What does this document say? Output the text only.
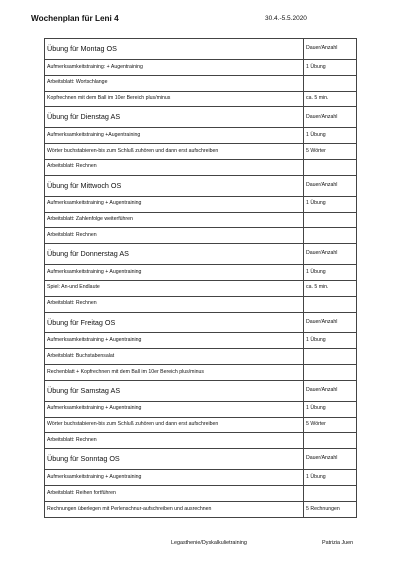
Wochenplan für Leni 4	30.4.-5.5.2020
Übung für Montag OS	Dauer/Anzahl
Aufmerksamkeitstraining: + Augentraining	1 Übung
Arbeitsblatt: Wortschlange	
Kopfrechnen mit dem Ball im 10er Bereich plus/minus	ca. 5 min.
Übung für Dienstag AS	Dauer/Anzahl
Aufmerksamkeitstraining +Augentraining	1 Übung
Wörter buchstabieren-bis zum Schluß zuhören und dann erst aufschreiben	5 Wörter
Arbeitsblatt: Rechnen	
Übung für Mittwoch OS	Dauer/Anzahl
Aufmerksamkeitstraining + Augentraining	1 Übung
Arbeitsblatt: Zahlenfolge weiterführen	
Arbeitsblatt: Rechnen	
Übung für Donnerstag AS	Dauer/Anzahl
Aufmerksamkeitstraining + Augentraining	1 Übung
Spiel: An-und Endlaute	ca. 5 min.
Arbeitsblatt: Rechnen	
Übung für Freitag OS	Dauer/Anzahl
Aufmerksamkeitstraining + Augentraining	1 Übung
Arbeitsblatt: Buchstabensalat	
Rechenblatt + Kopfrechnen mit dem Ball im 10er Bereich plus/minus	
Übung für Samstag AS	Dauer/Anzahl
Aufmerksamkeitstraining + Augentraining	1 Übung
Wörter buchstabieren-bis zum Schluß zuhören und dann erst aufschreiben	5 Wörter
Arbeitsblatt: Rechnen	
Übung für Sonntag OS	Dauer/Anzahl
Aufmerksamkeitstraining + Augentraining	1 Übung
Arbeitsblatt: Reihen fortführen	
Rechnungen überlegen mit Perlenschnur-aufschreiben und ausrechnen	5 Rechnungen
Legasthenie/Dyskalkulietraining	Patrizia Juen
